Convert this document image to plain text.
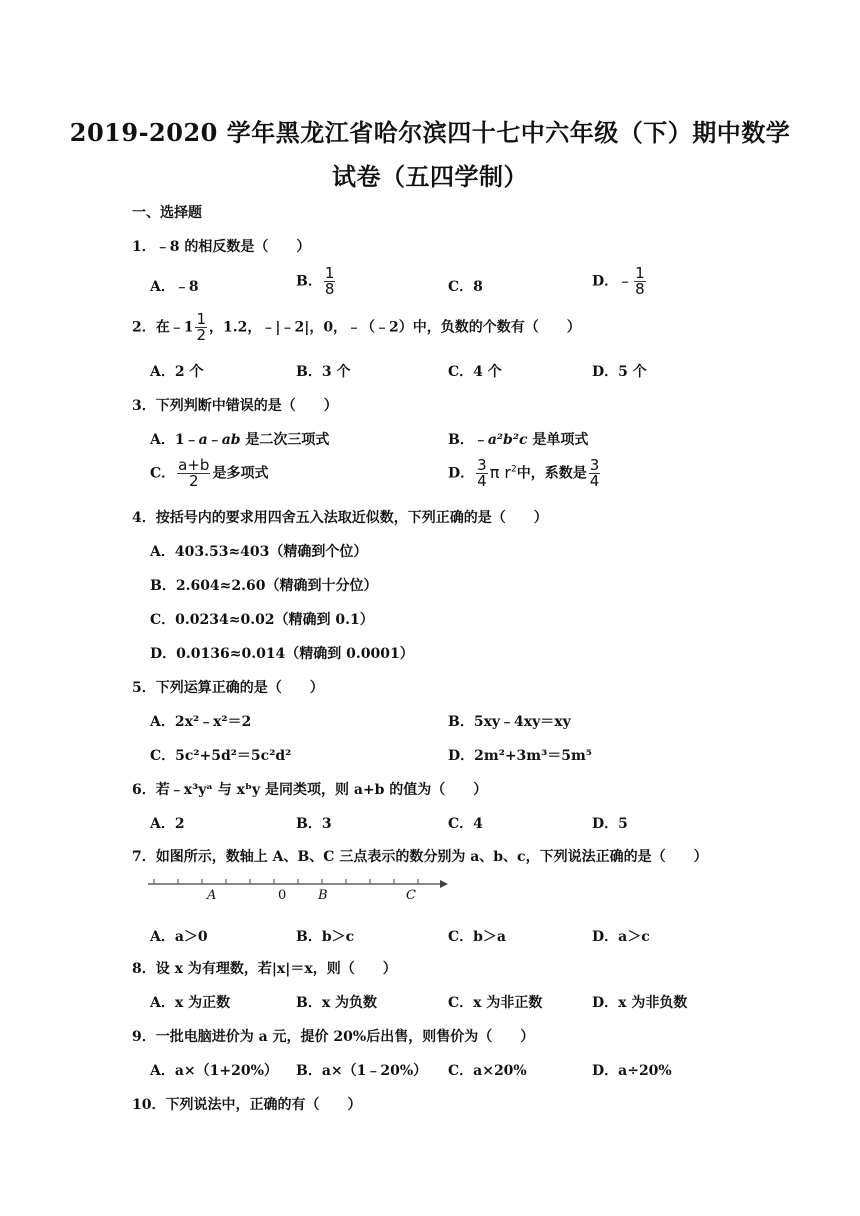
2019-2020 学年黑龙江省哈尔滨四十七中六年级（下）期中数学
试卷（五四学制）
一、选择题
1．﹣8 的相反数是（　　）
A．﹣8	B． $\frac{1}{8}$	C．8	D．﹣ $\frac{1}{8}$
2．在﹣1 $\frac{1}{2}$ ，1.2，﹣|﹣2|，0，﹣（﹣2）中，负数的个数有（　　）
A．2 个	B．3 个	C．4 个	D．5 个
3．下列判断中错误的是（　　）
A．1﹣a﹣ab 是二次三项式	B．﹣a²b²c 是单项式
C． $\frac{a+b}{2}$ 是多项式	D． $\frac{3}{4}$ π $r^2$中，系数是 $\frac{3}{4}$
4．按括号内的要求用四舍五入法取近似数，下列正确的是（　　）
A．403.53≈403（精确到个位）
B．2.604≈2.60（精确到十分位）
C．0.0234≈0.02（精确到 0.1）
D．0.0136≈0.014（精确到 0.0001）
5．下列运算正确的是（　　）
A．2x²﹣x²＝2	B．5xy﹣4xy＝xy
C．5c²+5d²＝5c²d²	D．2m²+3m³＝5m⁵
6．若﹣x³yᵃ 与 xᵇy 是同类项，则 a+b 的值为（　　）
A．2	B．3	C．4	D．5
7．如图所示，数轴上 A、B、C 三点表示的数分别为 a、b、c，下列说法正确的是（　　）
A	0 B	C
A．a＞0	B．b＞c	C．b＞a	D．a＞c
8．设 x 为有理数，若|x|＝x，则（　　）
A．x 为正数	B．x 为负数	C．x 为非正数	D．x 为非负数
9．一批电脑进价为 a 元，提价 20%后出售，则售价为（　　）
A．a×（1+20%） B．a×（1﹣20%） C．a×20%	D．a÷20%
10．下列说法中，正确的有（　　）
